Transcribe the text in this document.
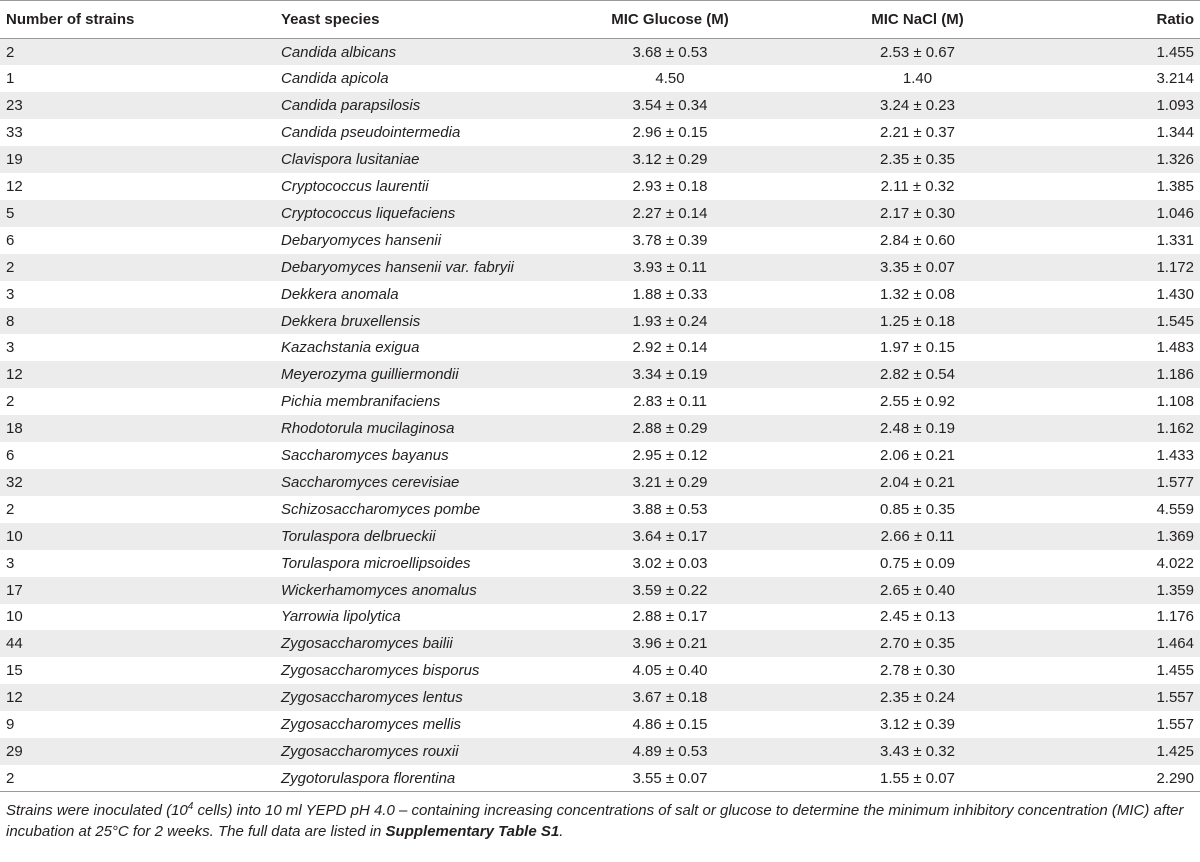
Number of strains	Yeast species	MIC Glucose (M)	MIC NaCl (M)	Ratio
2	Candida albicans	3.68 ± 0.53	2.53 ± 0.67	1.455
1	Candida apicola	4.50	1.40	3.214
23	Candida parapsilosis	3.54 ± 0.34	3.24 ± 0.23	1.093
33	Candida pseudointermedia	2.96 ± 0.15	2.21 ± 0.37	1.344
19	Clavispora lusitaniae	3.12 ± 0.29	2.35 ± 0.35	1.326
12	Cryptococcus laurentii	2.93 ± 0.18	2.11 ± 0.32	1.385
5	Cryptococcus liquefaciens	2.27 ± 0.14	2.17 ± 0.30	1.046
6	Debaryomyces hansenii	3.78 ± 0.39	2.84 ± 0.60	1.331
2	Debaryomyces hansenii var. fabryii	3.93 ± 0.11	3.35 ± 0.07	1.172
3	Dekkera anomala	1.88 ± 0.33	1.32 ± 0.08	1.430
8	Dekkera bruxellensis	1.93 ± 0.24	1.25 ± 0.18	1.545
3	Kazachstania exigua	2.92 ± 0.14	1.97 ± 0.15	1.483
12	Meyerozyma guilliermondii	3.34 ± 0.19	2.82 ± 0.54	1.186
2	Pichia membranifaciens	2.83 ± 0.11	2.55 ± 0.92	1.108
18	Rhodotorula mucilaginosa	2.88 ± 0.29	2.48 ± 0.19	1.162
6	Saccharomyces bayanus	2.95 ± 0.12	2.06 ± 0.21	1.433
32	Saccharomyces cerevisiae	3.21 ± 0.29	2.04 ± 0.21	1.577
2	Schizosaccharomyces pombe	3.88 ± 0.53	0.85 ± 0.35	4.559
10	Torulaspora delbrueckii	3.64 ± 0.17	2.66 ± 0.11	1.369
3	Torulaspora microellipsoides	3.02 ± 0.03	0.75 ± 0.09	4.022
17	Wickerhamomyces anomalus	3.59 ± 0.22	2.65 ± 0.40	1.359
10	Yarrowia lipolytica	2.88 ± 0.17	2.45 ± 0.13	1.176
44	Zygosaccharomyces bailii	3.96 ± 0.21	2.70 ± 0.35	1.464
15	Zygosaccharomyces bisporus	4.05 ± 0.40	2.78 ± 0.30	1.455
12	Zygosaccharomyces lentus	3.67 ± 0.18	2.35 ± 0.24	1.557
9	Zygosaccharomyces mellis	4.86 ± 0.15	3.12 ± 0.39	1.557
29	Zygosaccharomyces rouxii	4.89 ± 0.53	3.43 ± 0.32	1.425
2	Zygotorulaspora florentina	3.55 ± 0.07	1.55 ± 0.07	2.290

Strains were inoculated ($10^4$ cells) into 10 ml YEPD pH 4.0 – containing increasing concentrations of salt or glucose to determine the minimum inhibitory concentration (MIC) after incubation at 25°C for 2 weeks. The full data are listed in Supplementary Table S1.
